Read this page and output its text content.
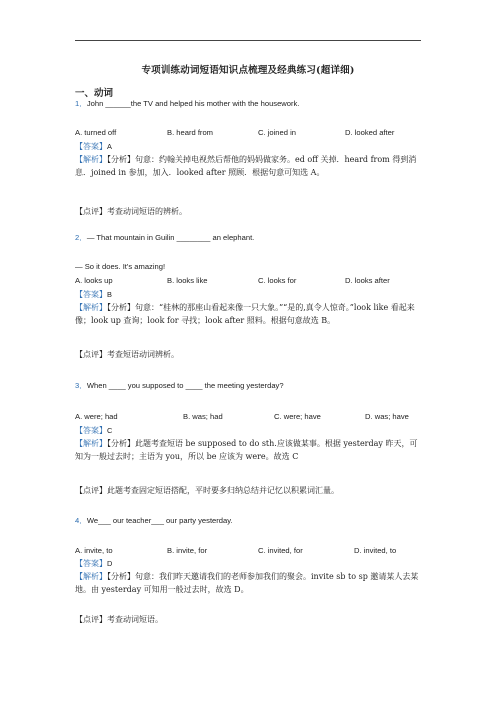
专项训练动词短语知识点梳理及经典练习(超详细)
一、动词
1．John ______the TV and helped his mother with the housework.
A. turned off	B. heard from	C. joined in	D. looked after
【答案】A
【解析】【分析】句意：约翰关掉电视然后帮他的妈妈做家务。ed off 关掉．heard from 得到消息．joined in 参加，加入．looked after 照顾．根据句意可知选 A。
【点评】考查动词短语的辨析。
2．— That mountain in Guilin ________ an elephant.
— So it does. It's amazing!
A. looks up	B. looks like	C. looks for	D. looks after
【答案】B
【解析】【分析】句意：“桂林的那座山看起来像一只大象。”“是的,真令人惊奇。”look like 看起来像；look up 查询；look for 寻找；look after 照料。根据句意故选 B。
【点评】考查短语动词辨析。
3．When ____ you supposed to ____ the meeting yesterday?
A. were; had	B. was; had	C. were; have	D. was; have
【答案】C
【解析】【分析】此题考查短语 be supposed to do sth.应该做某事。根据 yesterday 昨天，可知为一般过去时；主语为 you，所以 be 应该为 were。故选 C
【点评】此题考查固定短语搭配，平时要多归纳总结并记忆以积累词汇量。
4．We___ our teacher___ our party yesterday.
A. invite, to	B. invite, for	C. invited, for	D. invited, to
【答案】D
【解析】【分析】句意：我们昨天邀请我们的老师参加我们的聚会。invite sb to sp 邀请某人去某地。由 yesterday 可知用一般过去时，故选 D。
【点评】考查动词短语。
